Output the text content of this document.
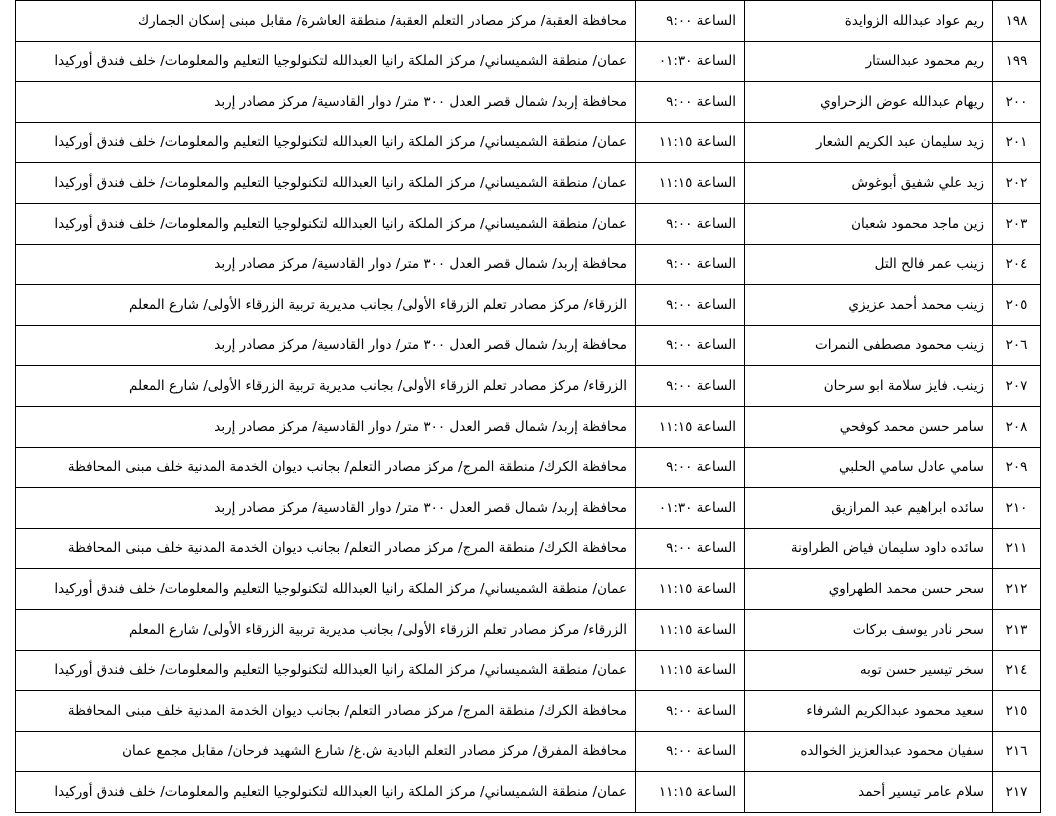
محافظة العقبة/ مركز مصادر التعلم العقبة/ منطقة العاشرة/ مقابل مبنى إسكان الجمارك	الساعة ٩:٠٠	ريم عواد عبدالله الزوايدة	١٩٨
عمان/ منطقة الشميساني/ مركز الملكة رانيا العبدالله لتكنولوجيا التعليم والمعلومات/ خلف فندق أوركيدا	الساعة ٠١:٣٠	ريم محمود عبدالستار	١٩٩
محافظة إربد/ شمال قصر العدل ٣٠٠ متر/ دوار القادسية/ مركز مصادر إربد	الساعة ٩:٠٠	ريهام عبدالله عوض الزحراوي	٢٠٠
عمان/ منطقة الشميساني/ مركز الملكة رانيا العبدالله لتكنولوجيا التعليم والمعلومات/ خلف فندق أوركيدا	الساعة ١١:١٥	زيد سليمان عبد الكريم الشعار	٢٠١
عمان/ منطقة الشميساني/ مركز الملكة رانيا العبدالله لتكنولوجيا التعليم والمعلومات/ خلف فندق أوركيدا	الساعة ١١:١٥	زيد علي شفيق أبوغوش	٢٠٢
عمان/ منطقة الشميساني/ مركز الملكة رانيا العبدالله لتكنولوجيا التعليم والمعلومات/ خلف فندق أوركيدا	الساعة ٩:٠٠	زين ماجد محمود شعبان	٢٠٣
محافظة إربد/ شمال قصر العدل ٣٠٠ متر/ دوار القادسية/ مركز مصادر إربد	الساعة ٩:٠٠	زينب عمر فالح التل	٢٠٤
الزرقاء/ مركز مصادر تعلم الزرقاء الأولى/ بجانب مديرية تربية الزرقاء الأولى/ شارع المعلم	الساعة ٩:٠٠	زينب محمد أحمد عزيزي	٢٠٥
محافظة إربد/ شمال قصر العدل ٣٠٠ متر/ دوار القادسية/ مركز مصادر إربد	الساعة ٩:٠٠	زينب محمود مصطفى النمرات	٢٠٦
الزرقاء/ مركز مصادر تعلم الزرقاء الأولى/ بجانب مديرية تربية الزرقاء الأولى/ شارع المعلم	الساعة ٩:٠٠	زينب. فايز سلامة ابو سرحان	٢٠٧
محافظة إربد/ شمال قصر العدل ٣٠٠ متر/ دوار القادسية/ مركز مصادر إربد	الساعة ١١:١٥	سامر حسن محمد كوفحي	٢٠٨
محافظة الكرك/ منطقة المرج/ مركز مصادر التعلم/ بجانب ديوان الخدمة المدنية خلف مبنى المحافظة	الساعة ٩:٠٠	سامي عادل سامي الحلبي	٢٠٩
محافظة إربد/ شمال قصر العدل ٣٠٠ متر/ دوار القادسية/ مركز مصادر إربد	الساعة ٠١:٣٠	سائده ابراهيم عبد المرازيق	٢١٠
محافظة الكرك/ منطقة المرج/ مركز مصادر التعلم/ بجانب ديوان الخدمة المدنية خلف مبنى المحافظة	الساعة ٩:٠٠	سائده داود سليمان فياض الطراونة	٢١١
عمان/ منطقة الشميساني/ مركز الملكة رانيا العبدالله لتكنولوجيا التعليم والمعلومات/ خلف فندق أوركيدا	الساعة ١١:١٥	سحر حسن محمد الطهراوي	٢١٢
الزرقاء/ مركز مصادر تعلم الزرقاء الأولى/ بجانب مديرية تربية الزرقاء الأولى/ شارع المعلم	الساعة ١١:١٥	سحر نادر يوسف بركات	٢١٣
عمان/ منطقة الشميساني/ مركز الملكة رانيا العبدالله لتكنولوجيا التعليم والمعلومات/ خلف فندق أوركيدا	الساعة ١١:١٥	سخر تيسير حسن توبه	٢١٤
محافظة الكرك/ منطقة المرج/ مركز مصادر التعلم/ بجانب ديوان الخدمة المدنية خلف مبنى المحافظة	الساعة ٩:٠٠	سعيد محمود عبدالكريم الشرفاء	٢١٥
محافظة المفرق/ مركز مصادر التعلم البادية ش.غ/ شارع الشهيد فرحان/ مقابل مجمع عمان	الساعة ٩:٠٠	سفيان محمود عبدالعزيز الخوالده	٢١٦
عمان/ منطقة الشميساني/ مركز الملكة رانيا العبدالله لتكنولوجيا التعليم والمعلومات/ خلف فندق أوركيدا	الساعة ١١:١٥	سلام عامر تيسير أحمد	٢١٧
